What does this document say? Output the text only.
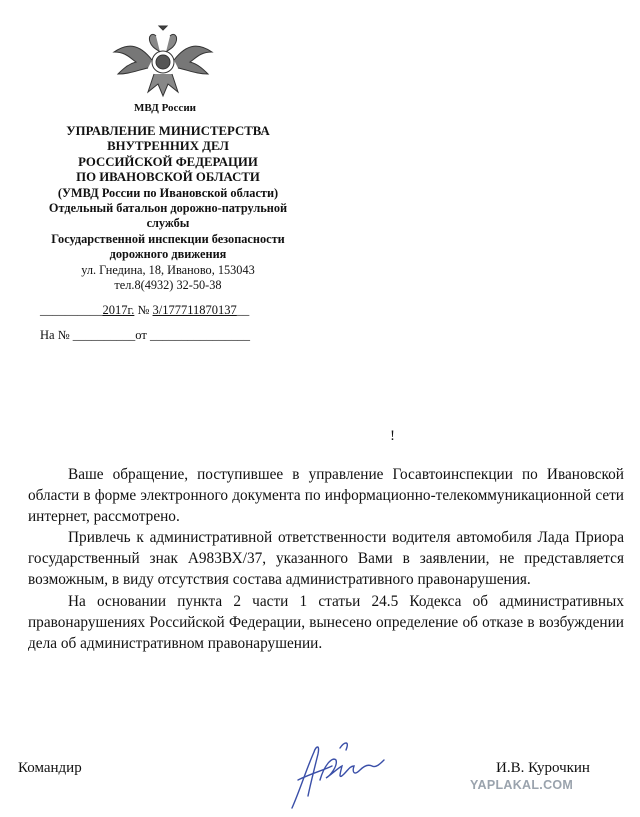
МВД России
УПРАВЛЕНИЕ МИНИСТЕРСТВА
ВНУТРЕННИХ ДЕЛ
РОССИЙСКОЙ ФЕДЕРАЦИИ
ПО ИВАНОВСКОЙ ОБЛАСТИ
(УМВД России по Ивановской области)
Отдельный батальон дорожно-патрульной
службы
Государственной инспекции безопасности
дорожного движения
ул. Гнедина, 18, Иваново, 153043
тел.8(4932) 32-50-38
__________2017г. № 3/177711870137__
На № __________от ________________
!

Ваше обращение, поступившее в управление Госавтоинспекции по Ивановской области в форме электронного документа по информационно-телекоммуникационной сети интернет, рассмотрено.

Привлечь к административной ответственности водителя автомобиля Лада Приора государственный знак А983ВХ/37, указанного Вами в заявлении, не представляется возможным, в виду отсутствия состава административного правонарушения.

На основании пункта 2 части 1 статьи 24.5 Кодекса об административных правонарушениях Российской Федерации, вынесено определение об отказе в возбуждении дела об административном правонарушении.

Командир	И.В. Курочкин
YAPLAKAL.COM
